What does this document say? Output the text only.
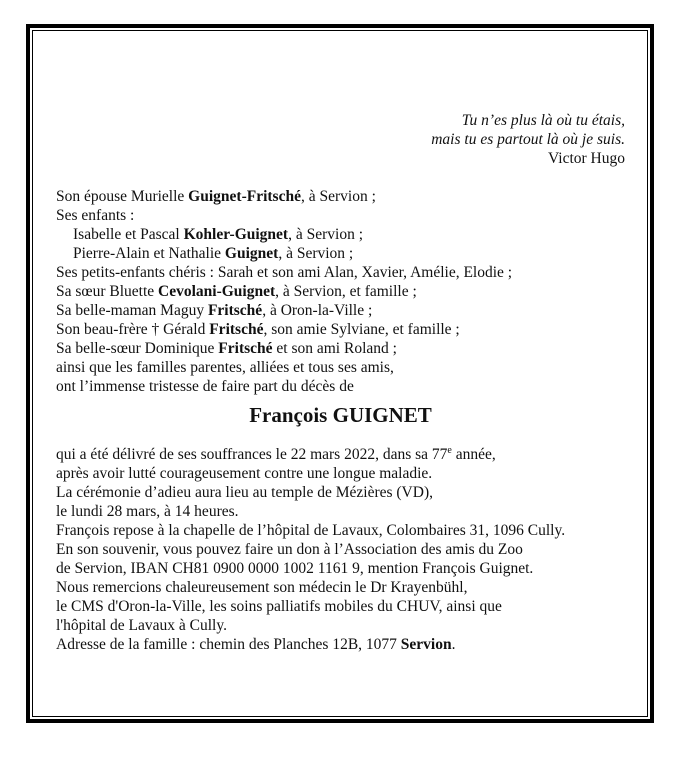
Tu n’es plus là où tu étais,
mais tu es partout là où je suis.
Victor Hugo
Son épouse Murielle Guignet-Fritsché, à Servion ;
Ses enfants :
Isabelle et Pascal Kohler-Guignet, à Servion ;
Pierre-Alain et Nathalie Guignet, à Servion ;
Ses petits-enfants chéris : Sarah et son ami Alan, Xavier, Amélie, Elodie ;
Sa sœur Bluette Cevolani-Guignet, à Servion, et famille ;
Sa belle-maman Maguy Fritsché, à Oron-la-Ville ;
Son beau-frère † Gérald Fritsché, son amie Sylviane, et famille ;
Sa belle-sœur Dominique Fritsché et son ami Roland ;
ainsi que les familles parentes, alliées et tous ses amis,
ont l’immense tristesse de faire part du décès de
François GUIGNET
qui a été délivré de ses souffrances le 22 mars 2022, dans sa 77e année,
après avoir lutté courageusement contre une longue maladie.
La cérémonie d’adieu aura lieu au temple de Mézières (VD),
le lundi 28 mars, à 14 heures.
François repose à la chapelle de l’hôpital de Lavaux, Colombaires 31, 1096 Cully.
En son souvenir, vous pouvez faire un don à l’Association des amis du Zoo
de Servion, IBAN CH81 0900 0000 1002 1161 9, mention François Guignet.
Nous remercions chaleureusement son médecin le Dr Krayenbühl,
le CMS d'Oron-la-Ville, les soins palliatifs mobiles du CHUV, ainsi que
l'hôpital de Lavaux à Cully.
Adresse de la famille : chemin des Planches 12B, 1077 Servion.
